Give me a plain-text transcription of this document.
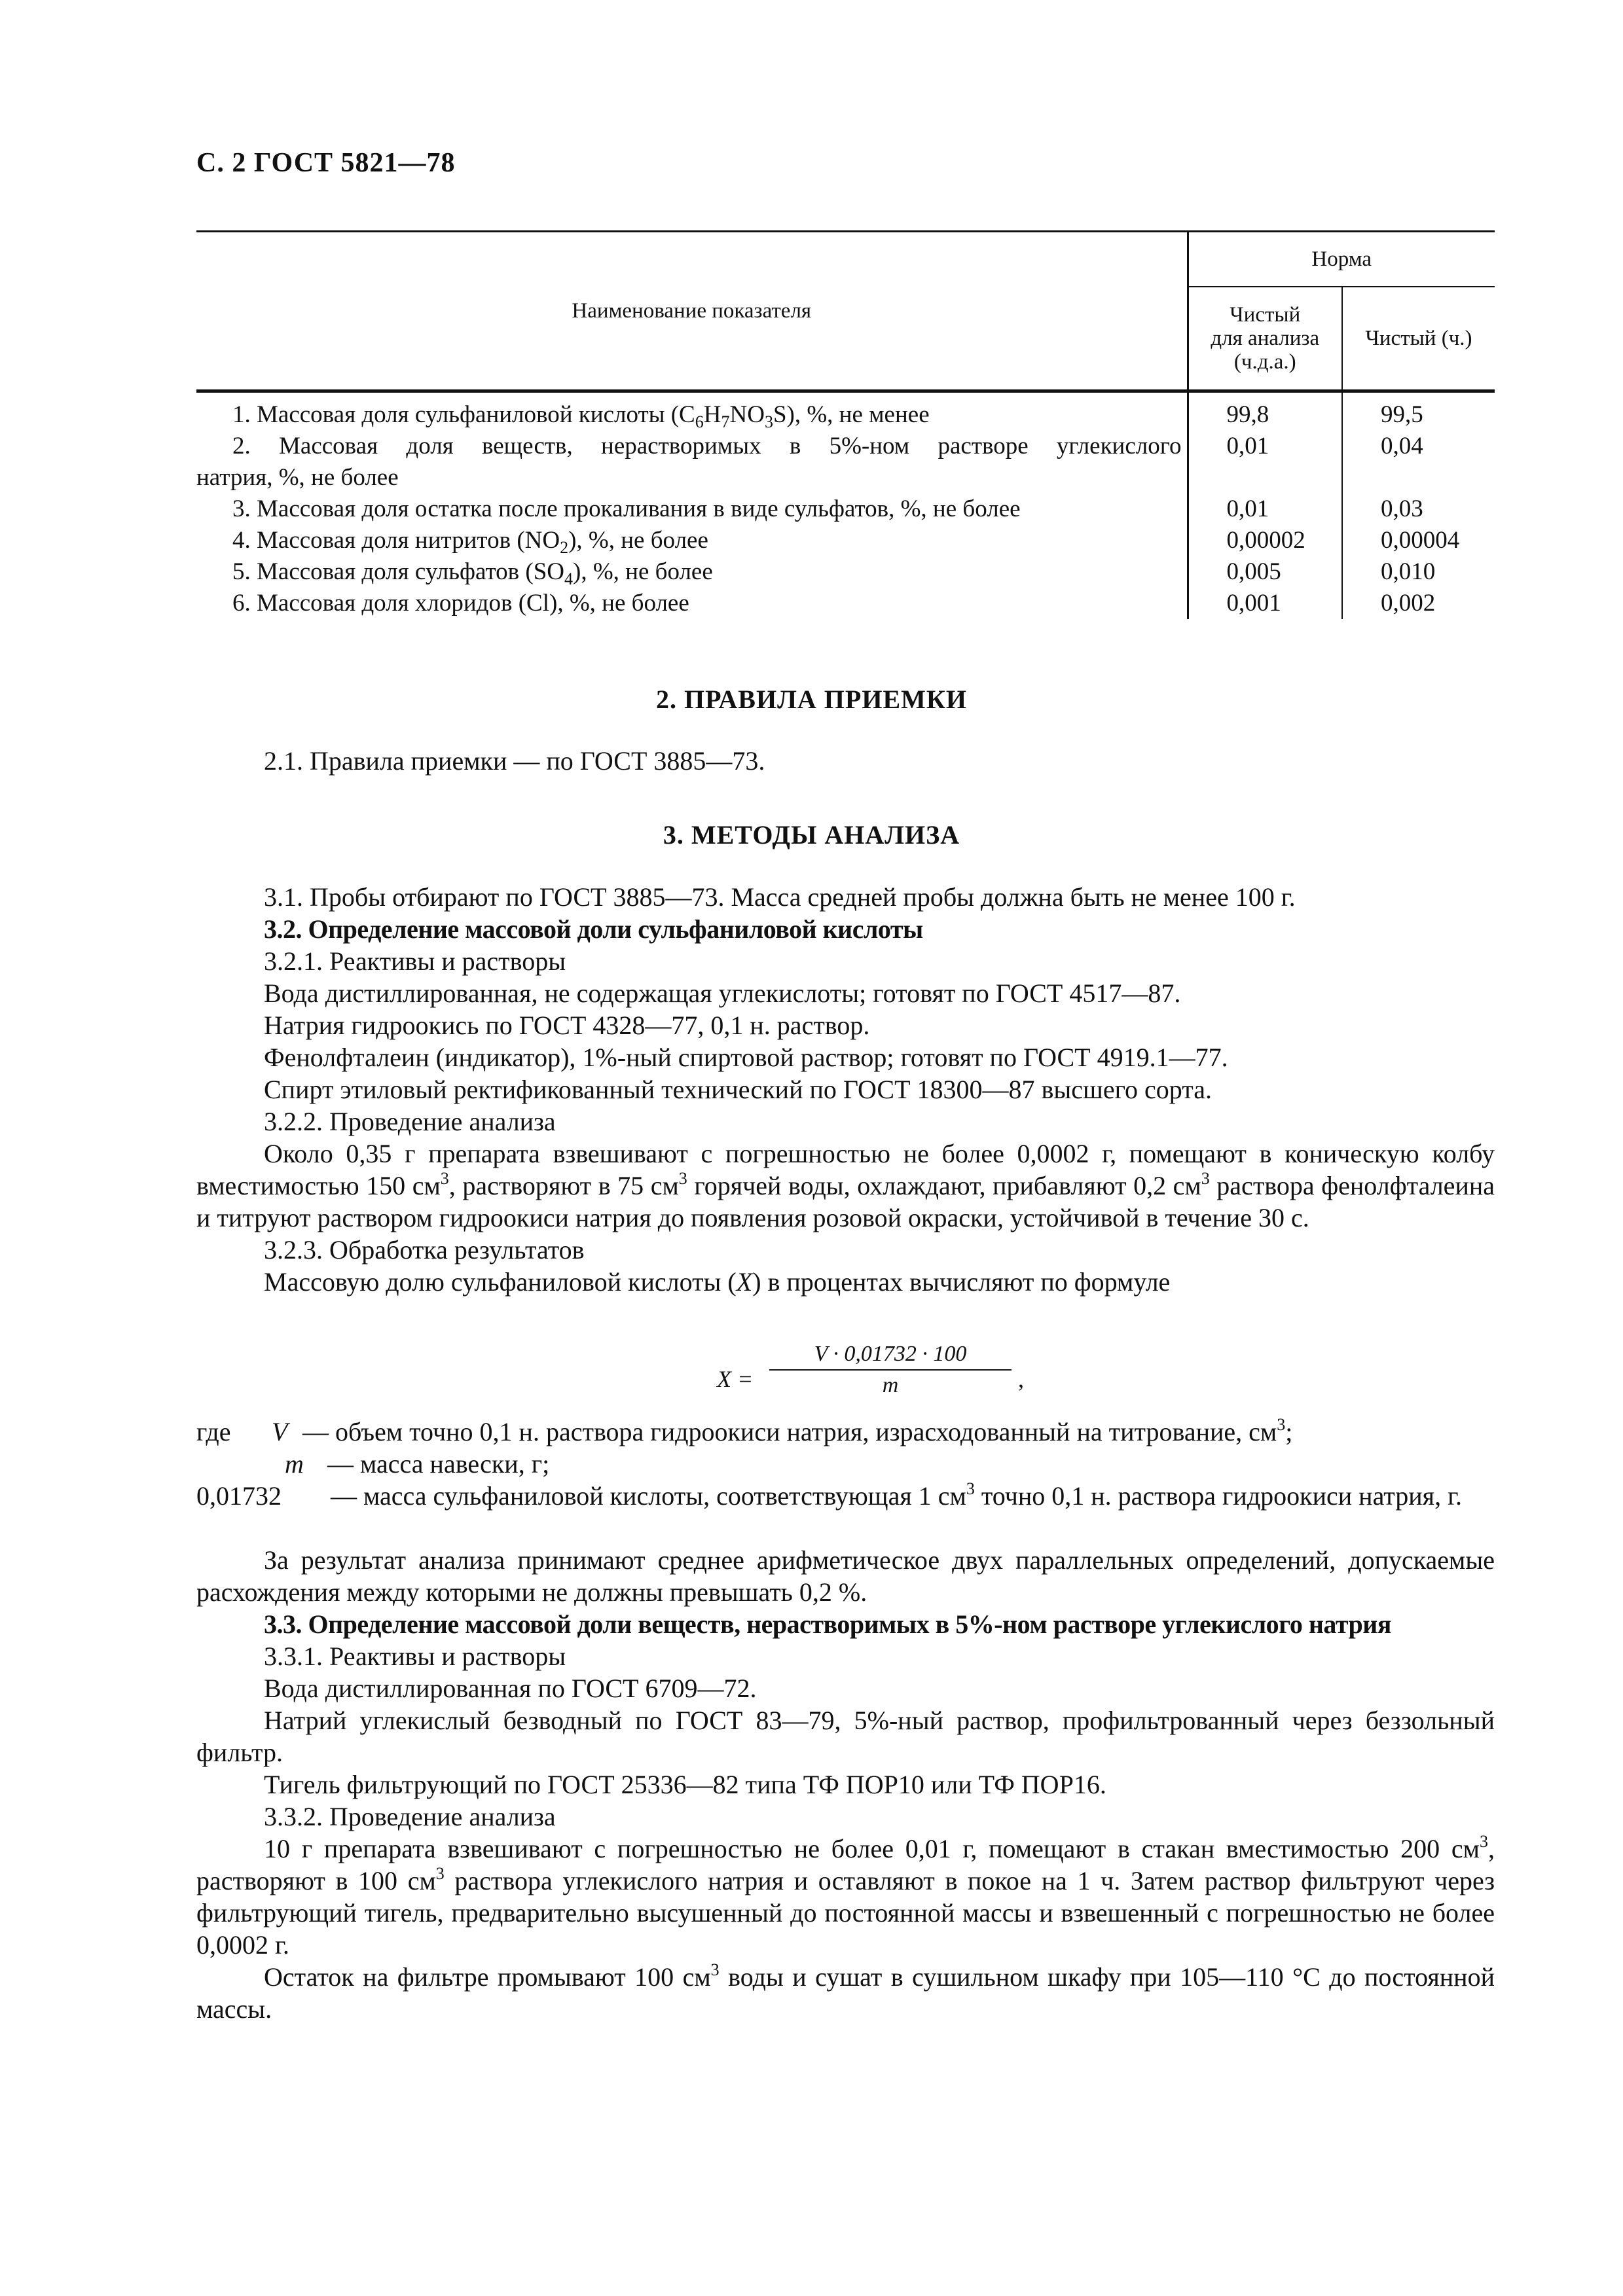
С. 2 ГОСТ 5821—78
Наименование показателя	Норма	
	Чистый
для анализа
(ч.д.а.)	Чистый (ч.)
1. Массовая доля сульфаниловой кислоты $(C_6H_7NO_3S)$, %, не менее	99,8	99,5

2. Массовая доля веществ, нерастворимых в 5%-ном растворе углекислого
натрия, %, не более	0,01	0,04
3. Массовая доля остатка после прокаливания в виде сульфатов, %, не более	0,01	0,03
4. Массовая доля нитритов $(NO_2)$, %, не более	0,00002	0,00004
5. Массовая доля сульфатов $(SO_4)$, %, не более	0,005	0,010
6. Массовая доля хлоридов (Cl), %, не более	0,001	0,002
2. ПРАВИЛА ПРИЕМКИ

2.1. Правила приемки — по ГОСТ 3885—73.

3. МЕТОДЫ АНАЛИЗА

3.1. Пробы отбирают по ГОСТ 3885—73. Масса средней пробы должна быть не менее 100 г.

3.2. Определение массовой доли сульфаниловой кислоты

3.2.1. Реактивы и растворы

Вода дистиллированная, не содержащая углекислоты; готовят по ГОСТ 4517—87.

Натрия гидроокись по ГОСТ 4328—77, 0,1 н. раствор.

Фенолфталеин (индикатор), 1%-ный спиртовой раствор; готовят по ГОСТ 4919.1—77.

Спирт этиловый ректификованный технический по ГОСТ 18300—87 высшего сорта.

3.2.2. Проведение анализа

Около 0,35 г препарата взвешивают с погрешностью не более 0,0002 г, помещают в коническую колбу вместимостью 150 $см^3$, растворяют в 75 $см^3$ горячей воды, охлаждают, прибавляют 0,2 $см^3$ раствора фенолфталеина и титруют раствором гидроокиси натрия до появления розовой окраски, устойчивой в течение 30 с.

3.2.3. Обработка результатов

Массовую долю сульфаниловой кислоты (X) в процентах вычисляют по формуле

X =
V · 0,01732 · 100
m	,
где V — объем точно 0,1 н. раствора гидроокиси натрия, израсходованный на титрование, $см^3$;
m — масса навески, г;
0,01732	— масса сульфаниловой кислоты, соответствующая 1 $см^3$ точно 0,1 н. раствора гидроокиси натрия, г.

За результат анализа принимают среднее арифметическое двух параллельных определений, допускаемые расхождения между которыми не должны превышать 0,2 %.

3.3. Определение массовой доли веществ, нерастворимых в 5%-ном растворе углекислого натрия

3.3.1. Реактивы и растворы

Вода дистиллированная по ГОСТ 6709—72.

Натрий углекислый безводный по ГОСТ 83—79, 5%-ный раствор, профильтрованный через беззольный фильтр.

Тигель фильтрующий по ГОСТ 25336—82 типа ТФ ПОР10 или ТФ ПОР16.

3.3.2. Проведение анализа

10 г препарата взвешивают с погрешностью не более 0,01 г, помещают в стакан вместимостью 200 $см^3$, растворяют в 100 $см^3$ раствора углекислого натрия и оставляют в покое на 1 ч. Затем раствор фильтруют через фильтрующий тигель, предварительно высушенный до постоянной массы и взвешенный с погрешностью не более 0,0002 г.

Остаток на фильтре промывают 100 $см^3$ воды и сушат в сушильном шкафу при 105—110 °С до постоянной массы.
